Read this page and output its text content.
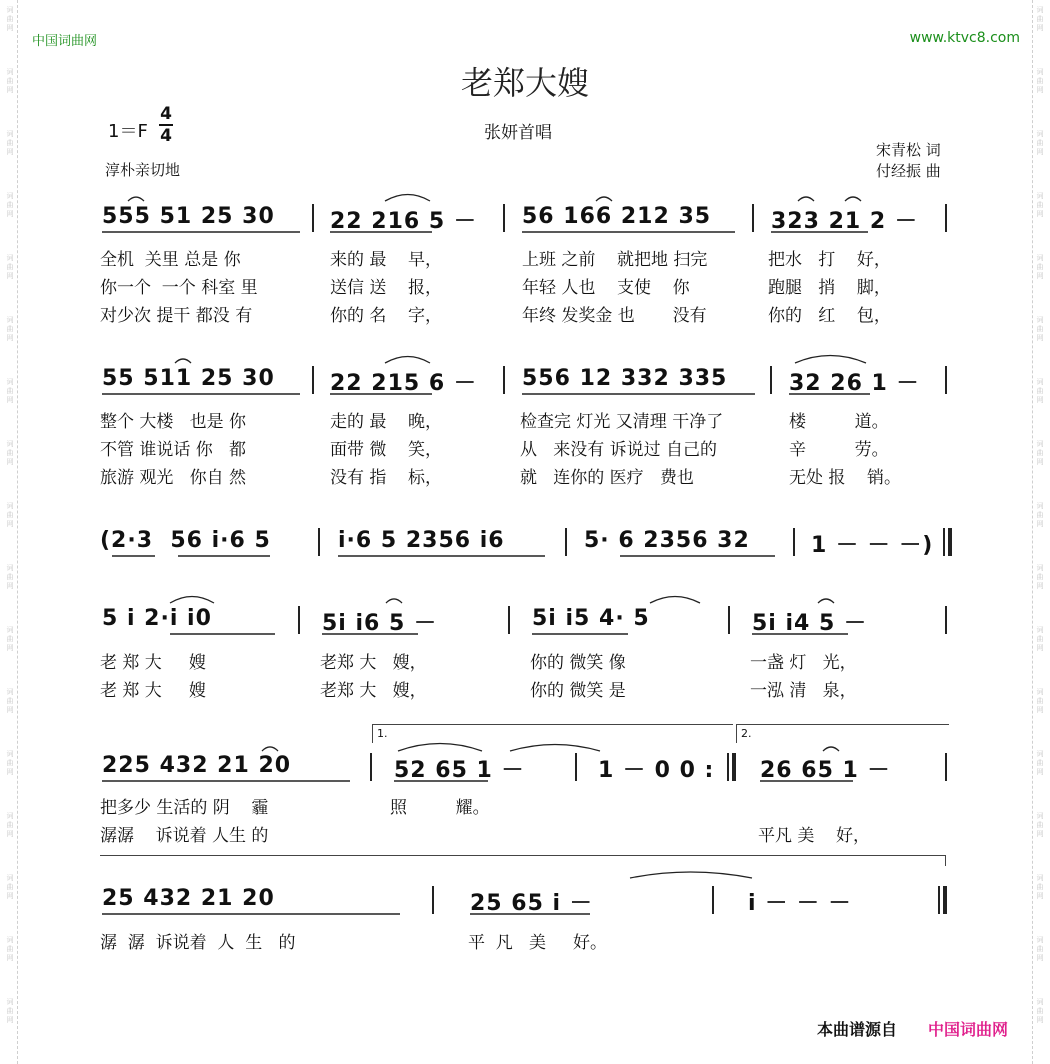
词
曲
网
词
曲
网
词
曲
网
词
曲
网
词
曲
网
词
曲
网
词
曲
网
词
曲
网
词
曲
网
词
曲
网
词
曲
网
词
曲
网
词
曲
网
词
曲
网
词
曲
网
词
曲
网
词
曲
网
词
曲
网
词
曲
网
词
曲
网
词
曲
网
词
曲
网
词
曲
网
词
曲
网
词
曲
网
词
曲
网
词
曲
网
词
曲
网
词
曲
网
词
曲
网
词
曲
网
词
曲
网
词
曲
网
词
曲
网
中国词曲网	www.ktvc8.com
老郑大嫂
1＝F
4
4	张妍首唱
淳朴亲切地
宋青松 词
付经振 曲
555 51 25 30	22 216 5 － 56 166 212 35	323 21 2 －
全机  关里 总是 你	来的 最    早，	上班 之前    就把地 扫完	把水   打    好，
你一个  一个 科室 里	送信 送    报，	年轻 人也    支使    你	跑腿   捎    脚，
对少次 提干 都没 有	你的 名    字，	年终 发奖金 也       没有	你的   红    包，
55 511 25 30	22 215 6 － 556 12 332 335	32 26 1 －
整个 大楼   也是 你	走的 最    晚，	检查完 灯光 又清理 干净了	楼         道。
不管 谁说话 你   都	面带 微    笑，	从   来没有 诉说过 自己的	辛         劳。
旅游 观光   你自 然	没有 指    标，	就   连你的 医疗   费也	无处 报    销。
(2·3  56 i·6 5	i·6 5 2356 i6	5· 6 2356 32	1 － － －)
5 i 2·i i0	5i i6 5 －	5i i5 4· 5	5i i4 5 －
老 郑 大     嫂	老郑 大   嫂，	你的 微笑 像	一盏 灯   光，
老 郑 大     嫂	老郑 大   嫂，	你的 微笑 是	一泓 清   泉，
1.	2.
225 432 21 20	52 65 1 －	1 － 0 0 : 26 65 1 －
把多少 生活的 阴    霾	照         耀。
潺潺    诉说着 人生 的	平凡 美    好，
25 432 21 20	25 65 i －	i － － －
潺  潺  诉说着  人  生   的	平  凡   美     好。
本曲谱源自 中国词曲网
